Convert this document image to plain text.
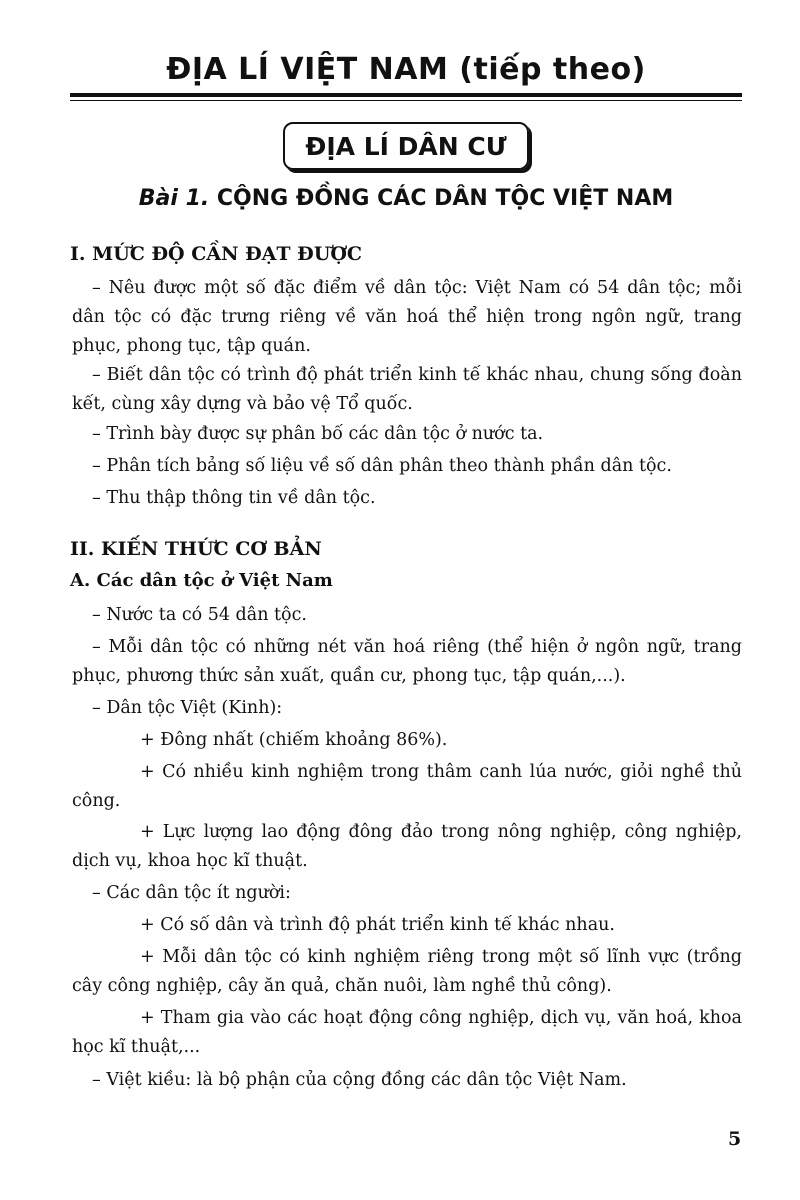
ĐỊA LÍ VIỆT NAM (tiếp theo)
ĐỊA LÍ DÂN CƯ
Bài 1. CỘNG ĐỒNG CÁC DÂN TỘC VIỆT NAM
I. MỨC ĐỘ CẦN ĐẠT ĐƯỢC
– Nêu được một số đặc điểm về dân tộc: Việt Nam có 54 dân tộc; mỗi dân tộc có đặc trưng riêng về văn hoá thể hiện trong ngôn ngữ, trang phục, phong tục, tập quán.
– Biết dân tộc có trình độ phát triển kinh tế khác nhau, chung sống đoàn kết, cùng xây dựng và bảo vệ Tổ quốc.
– Trình bày được sự phân bố các dân tộc ở nước ta.
– Phân tích bảng số liệu về số dân phân theo thành phần dân tộc.
– Thu thập thông tin về dân tộc.
II. KIẾN THỨC CƠ BẢN
A. Các dân tộc ở Việt Nam
– Nước ta có 54 dân tộc.
– Mỗi dân tộc có những nét văn hoá riêng (thể hiện ở ngôn ngữ, trang phục, phương thức sản xuất, quần cư, phong tục, tập quán,...).
– Dân tộc Việt (Kinh):
+ Đông nhất (chiếm khoảng 86%).
+ Có nhiều kinh nghiệm trong thâm canh lúa nước, giỏi nghề thủ công.
+ Lực lượng lao động đông đảo trong nông nghiệp, công nghiệp, dịch vụ, khoa học kĩ thuật.
– Các dân tộc ít người:
+ Có số dân và trình độ phát triển kinh tế khác nhau.
+ Mỗi dân tộc có kinh nghiệm riêng trong một số lĩnh vực (trồng cây công nghiệp, cây ăn quả, chăn nuôi, làm nghề thủ công).
+ Tham gia vào các hoạt động công nghiệp, dịch vụ, văn hoá, khoa học kĩ thuật,...
– Việt kiều: là bộ phận của cộng đồng các dân tộc Việt Nam.
5
